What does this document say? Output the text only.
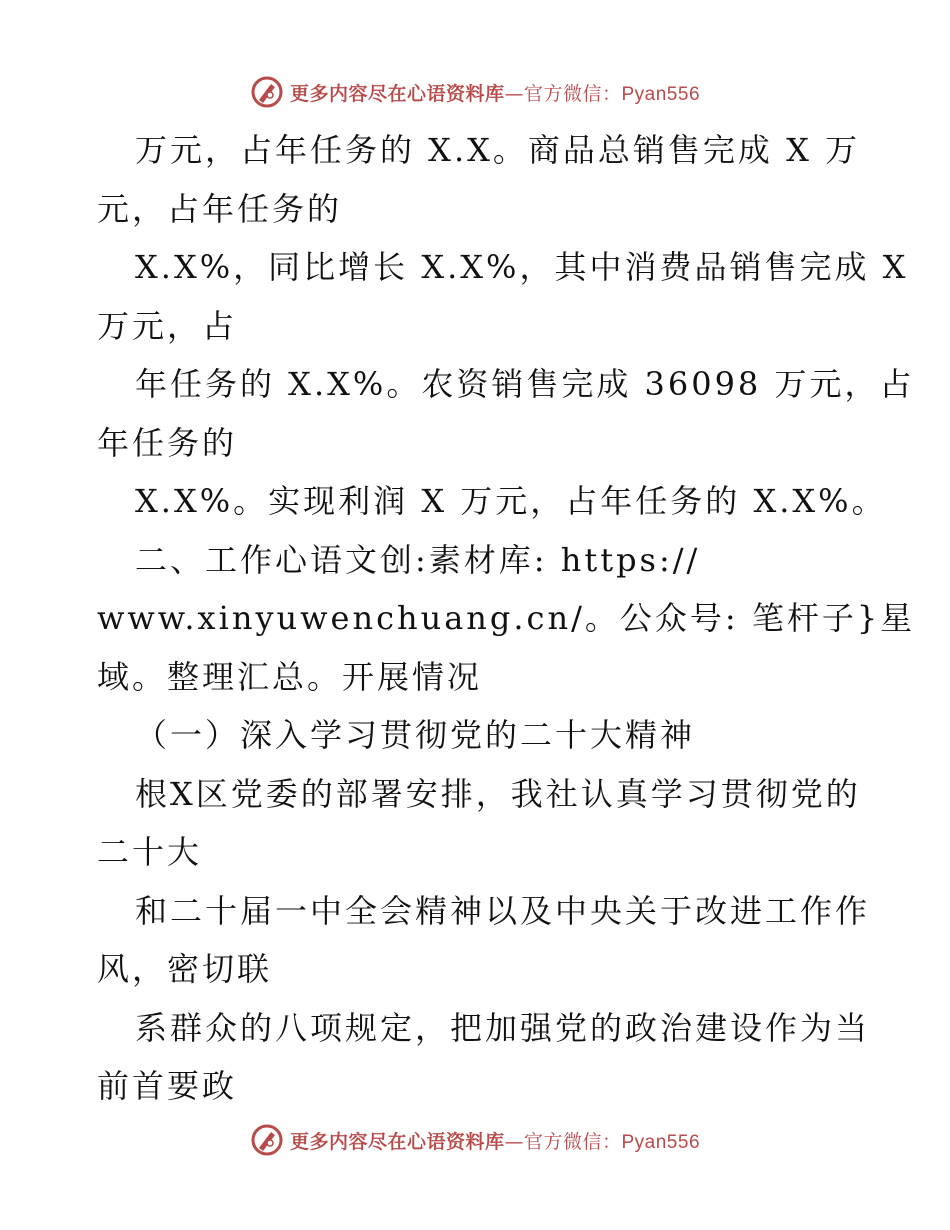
更多内容尽在心语资料库—官方微信：Pyan556
万元，占年任务的 X.X。商品总销售完成 X 万
元，占年任务的
X.X%，同比增长 X.X%，其中消费品销售完成 X
万元，占
年任务的 X.X%。农资销售完成 36098 万元，占
年任务的
X.X%。实现利润 X 万元，占年任务的 X.X%。
二、工作心语文创:素材库: https://
www.xinyuwenchuang.cn/。公众号: 笔杆子}星
域。整理汇总。开展情况
（一）深入学习贯彻党的二十大精神
根X区党委的部署安排，我社认真学习贯彻党的
二十大
和二十届一中全会精神以及中央关于改进工作作
风，密切联
系群众的八项规定，把加强党的政治建设作为当
前首要政
更多内容尽在心语资料库—官方微信：Pyan556
